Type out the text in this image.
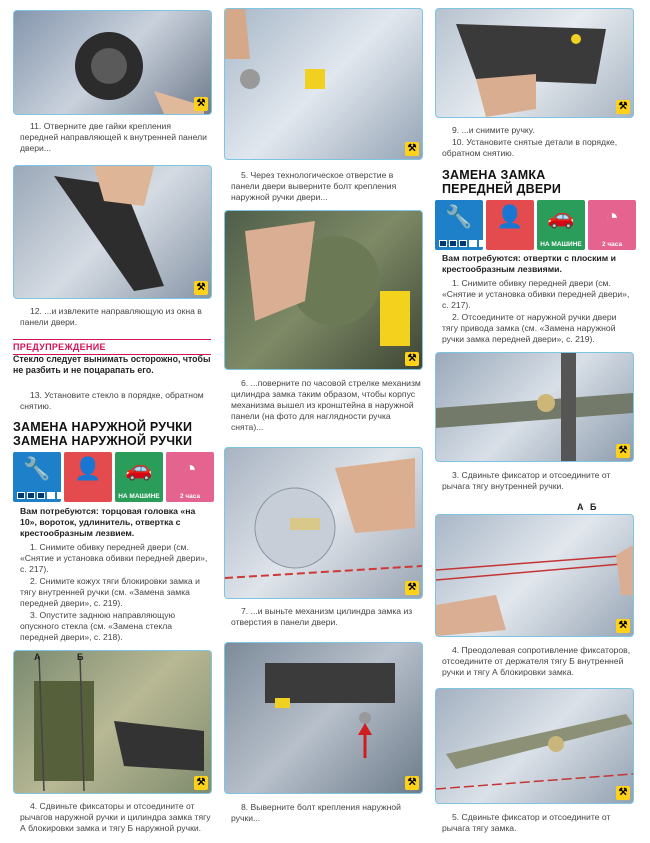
⚒

11. Отверните две гайки крепления передней направляющей к внутренней панели двери...

⚒

12. ...и извлеките направляющую из окна в панели двери.

ПРЕДУПРЕЖДЕНИЕ
Стекло следует вынимать осторожно, чтобы не разбить и не поцарапать его.

13. Установите стекло в порядке, обратном снятию.

ЗАМЕНА НАРУЖНОЙ РУЧКИ
ЗАМЕНА НАРУЖНОЙ РУЧКИ
🔧	👤	🚗
НА МАШИНЕ
◔
2 часа
Вам потребуются: торцовая головка «на 10», вороток, удлинитель, отвертка с крестообразным лезвием.

1. Снимите обивку передней двери (см. «Снятие и установка обивки передней двери», с. 217).

2. Снимите кожух тяги блокировки замка и тягу внутренней ручки (см. «Замена замка передней двери», с. 219).

3. Опустите заднюю направляющую опускного стекла (см. «Замена стекла передней двери», с. 218).

А	Б
⚒

4. Сдвиньте фиксаторы и отсоедините от рычагов наружной ручки и цилиндра замка тягу А блокировки замка и тягу Б наружной ручки.

⚒

5. Через технологическое отверстие в панели двери выверните болт крепления наружной ручки двери...

⚒

6. ...поверните по часовой стрелке механизм цилиндра замка таким образом, чтобы корпус механизма вышел из кронштейна в наружной панели (на фото для наглядности ручка снята)...

⚒

7. ...и выньте механизм цилиндра замка из отверстия в панели двери.

⚒

8. Выверните болт крепления наружной ручки...

⚒

9. ...и снимите ручку.

10. Установите снятые детали в порядке, обратном снятию.

ЗАМЕНА ЗАМКА
ПЕРЕДНЕЙ ДВЕРИ
🔧	👤	🚗
НА МАШИНЕ
◔
2 часа
Вам потребуются: отвертки с плоским и крестообразным лезвиями.

1. Снимите обивку передней двери (см. «Снятие и установка обивки передней двери», с. 217).

2. Отсоедините от наружной ручки двери тягу привода замка (см. «Замена наружной ручки замка передней двери», с. 219).

⚒

3. Сдвиньте фиксатор и отсоедините от рычага тягу внутренней ручки.

⚒
А Б

4. Преодолевая сопротивление фиксаторов, отсоедините от держателя тягу Б внутренней ручки и тягу А блокировки замка.

⚒

5. Сдвиньте фиксатор и отсоедините от рычага тягу замка.
